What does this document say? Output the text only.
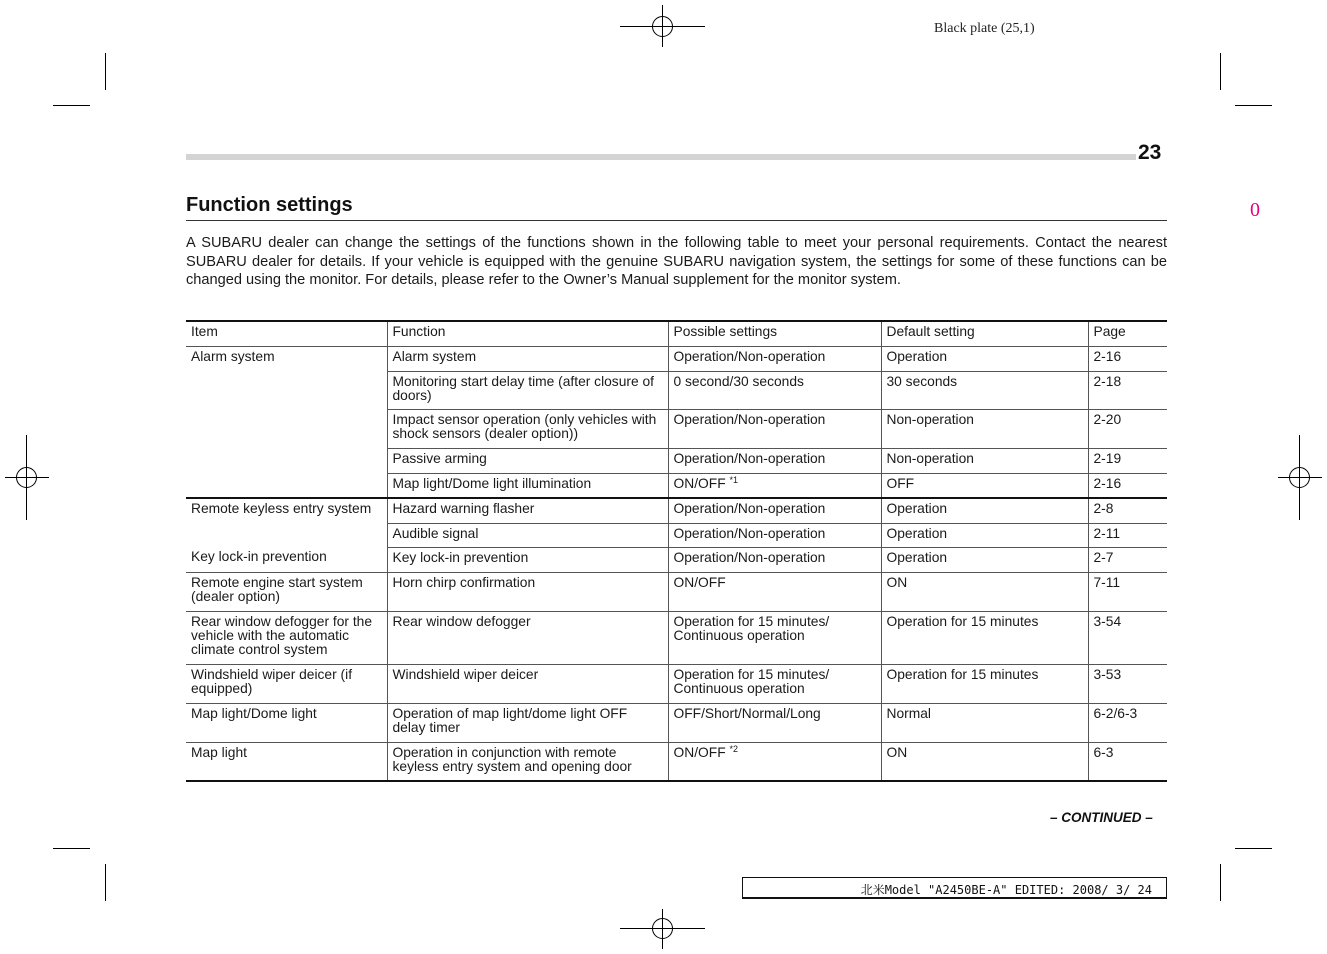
Black plate (25,1)
23
0
Function settings

A SUBARU dealer can change the settings of the functions shown in the following table to meet your personal requirements. Contact the nearest SUBARU dealer for details. If your vehicle is equipped with the genuine SUBARU navigation system, the settings for some of these functions can be changed using the monitor. For details, please refer to the Owner’s Manual supplement for the monitor system.

Item	Function	Possible settings	Default setting	Page
Alarm system	Alarm system	Operation/Non-operation	Operation	2-16
	Monitoring start delay time (after closure of doors)	0 second/30 seconds	30 seconds	2-18
	Impact sensor operation (only vehicles with shock sensors (dealer option))	Operation/Non-operation	Non-operation	2-20
	Passive arming	Operation/Non-operation	Non-operation	2-19
	Map light/Dome light illumination	ON/OFF $^{*1}$	OFF	2-16
Remote keyless entry system	Hazard warning flasher	Operation/Non-operation	Operation	2-8
	Audible signal	Operation/Non-operation	Operation	2-11
Key lock-in prevention	Key lock-in prevention	Operation/Non-operation	Operation	2-7
Remote engine start system (dealer option)	Horn chirp confirmation	ON/OFF	ON	7-11
Rear window defogger for the vehicle with the automatic climate control system	Rear window defogger	Operation for 15 minutes/ Continuous operation	Operation for 15 minutes	3-54
Windshield wiper deicer (if equipped)	Windshield wiper deicer	Operation for 15 minutes/ Continuous operation	Operation for 15 minutes	3-53
Map light/Dome light	Operation of map light/dome light OFF delay timer	OFF/Short/Normal/Long	Normal	6-2/6-3
Map light	Operation in conjunction with remote keyless entry system and opening door	ON/OFF $^{*2}$	ON	6-3
– CONTINUED –
北米Model "A2450BE-A" EDITED: 2008/ 3/ 24
